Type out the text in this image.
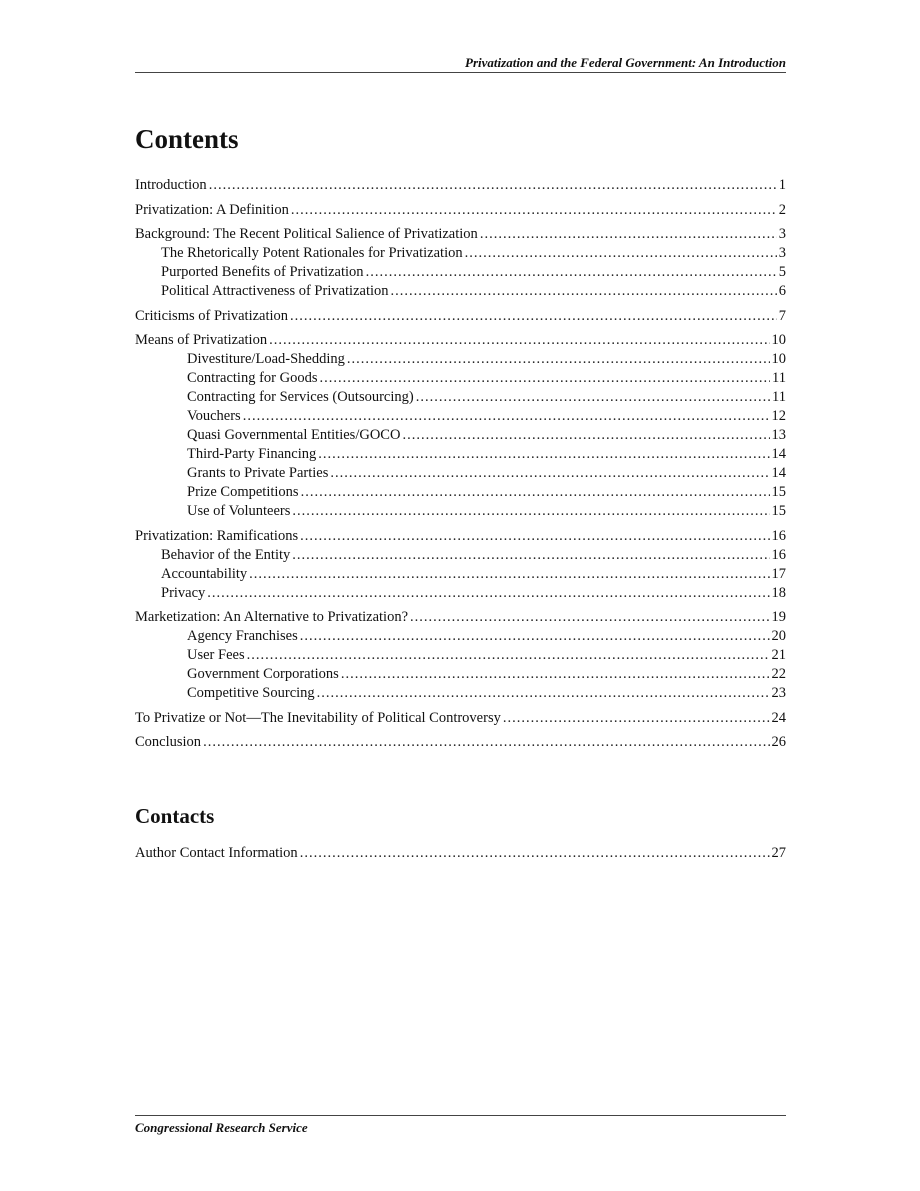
Privatization and the Federal Government: An Introduction
Contents
Introduction .....	1
Privatization: A Definition .....	2
Background: The Recent Political Salience of Privatization .....	3
The Rhetorically Potent Rationales for Privatization .....	3
Purported Benefits of Privatization .....	5
Political Attractiveness of Privatization .....	6
Criticisms of Privatization .....	7
Means of Privatization .....	10
Divestiture/Load-Shedding .....	10
Contracting for Goods .....	11
Contracting for Services (Outsourcing) .....	11
Vouchers .....	12
Quasi Governmental Entities/GOCO .....	13
Third-Party Financing .....	14
Grants to Private Parties .....	14
Prize Competitions .....	15
Use of Volunteers .....	15
Privatization: Ramifications .....	16
Behavior of the Entity .....	16
Accountability .....	17
Privacy .....	18
Marketization: An Alternative to Privatization? .....	19
Agency Franchises .....	20
User Fees .....	21
Government Corporations .....	22
Competitive Sourcing .....	23
To Privatize or Not—The Inevitability of Political Controversy .....	24
Conclusion .....	26
Contacts
Author Contact Information .....	27
Congressional Research Service
